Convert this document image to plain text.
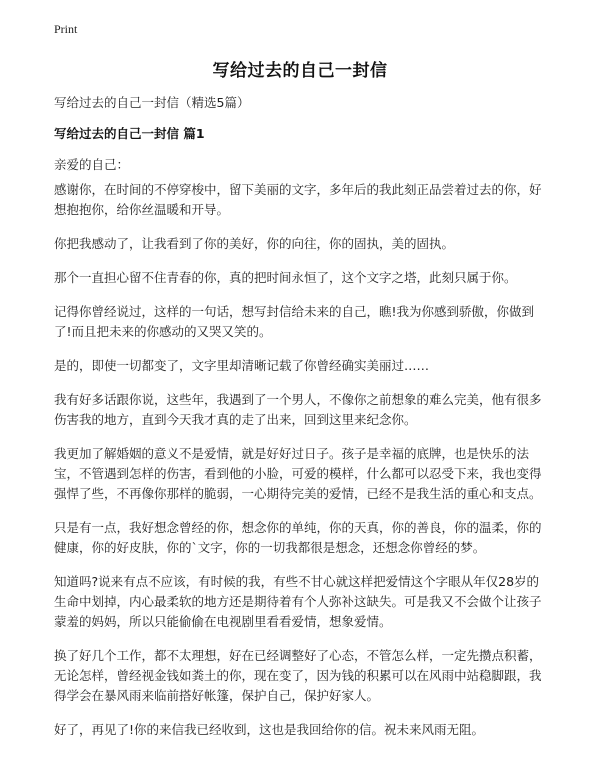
Print
写给过去的自己一封信
写给过去的自己一封信（精选5篇）
写给过去的自己一封信 篇1
亲爱的自己：

感谢你，在时间的不停穿梭中，留下美丽的文字，多年后的我此刻正品尝着过去的你，好想抱抱你，给你丝温暖和开导。

你把我感动了，让我看到了你的美好，你的向往，你的固执，美的固执。

那个一直担心留不住青春的你，真的把时间永恒了，这个文字之塔，此刻只属于你。

记得你曾经说过，这样的一句话，想写封信给未来的自己，瞧!我为你感到骄傲，你做到了!而且把未来的你感动的又哭又笑的。

是的，即使一切都变了，文字里却清晰记载了你曾经确实美丽过……

我有好多话跟你说，这些年，我遇到了一个男人，不像你之前想象的难么完美，他有很多伤害我的地方，直到今天我才真的走了出来，回到这里来纪念你。

我更加了解婚姻的意义不是爱情，就是好好过日子。孩子是幸福的底牌，也是快乐的法宝，不管遇到怎样的伤害，看到他的小脸，可爱的模样，什么都可以忍受下来，我也变得强悍了些，不再像你那样的脆弱，一心期待完美的爱情，已经不是我生活的重心和支点。

只是有一点，我好想念曾经的你，想念你的单纯，你的天真，你的善良，你的温柔，你的健康，你的好皮肤，你的`文字，你的一切我都很是想念，还想念你曾经的梦。

知道吗?说来有点不应该，有时候的我，有些不甘心就这样把爱情这个字眼从年仅28岁的生命中划掉，内心最柔软的地方还是期待着有个人弥补这缺失。可是我又不会做个让孩子蒙羞的妈妈，所以只能偷偷在电视剧里看看爱情，想象爱情。

换了好几个工作，都不太理想，好在已经调整好了心态，不管怎么样，一定先攒点积蓄，无论怎样，曾经视金钱如粪土的你，现在变了，因为钱的积累可以在风雨中站稳脚跟，我得学会在暴风雨来临前搭好帐篷，保护自己，保护好家人。

好了，再见了!你的来信我已经收到，这也是我回给你的信。祝未来风雨无阻。
